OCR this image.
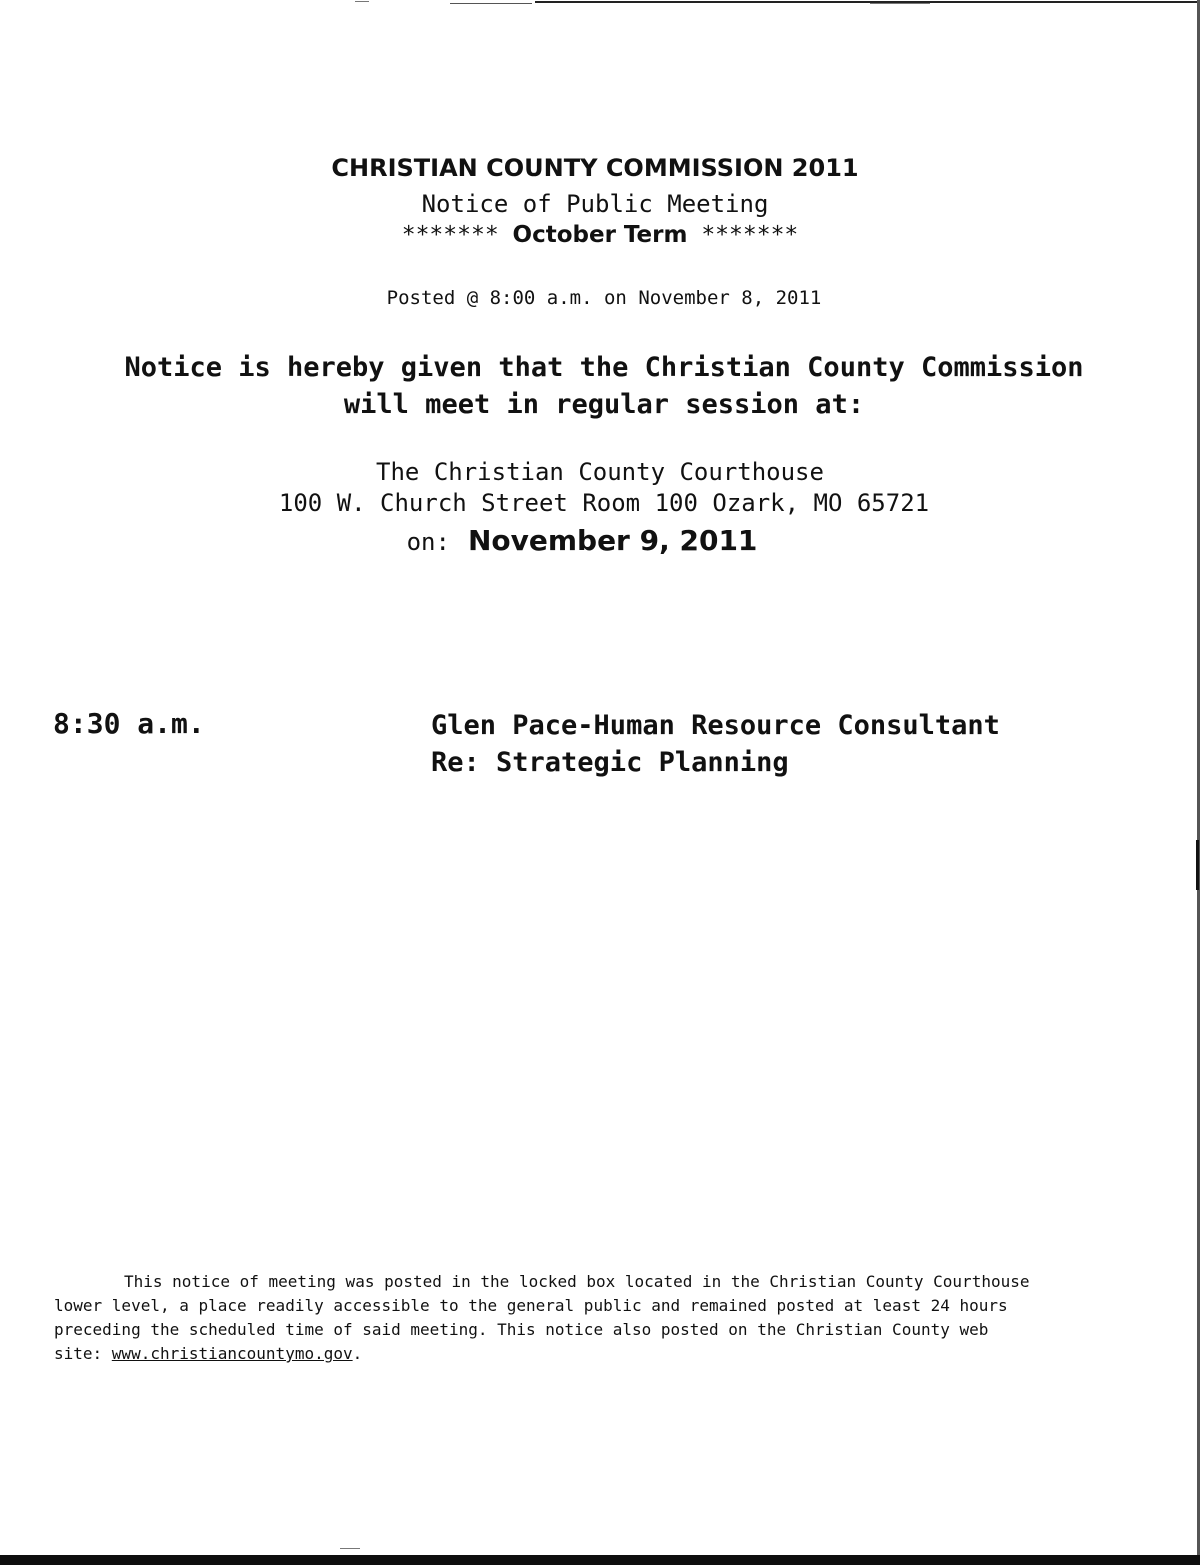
CHRISTIAN COUNTY COMMISSION 2011
Notice of Public Meeting
******* October Term *******
Posted @ 8:00 a.m. on November 8, 2011
Notice is hereby given that the Christian County Commission
will meet in regular session at:
The Christian County Courthouse
100 W. Church Street Room 100 Ozark, MO 65721
on: November 9, 2011
8:30 a.m.	Glen Pace-Human Resource Consultant
Re: Strategic Planning
This notice of meeting was posted in the locked box located in the Christian County Courthouse
lower level, a place readily accessible to the general public and remained posted at least 24 hours
preceding the scheduled time of said meeting. This notice also posted on the Christian County web
site: www.christiancountymo.gov.
